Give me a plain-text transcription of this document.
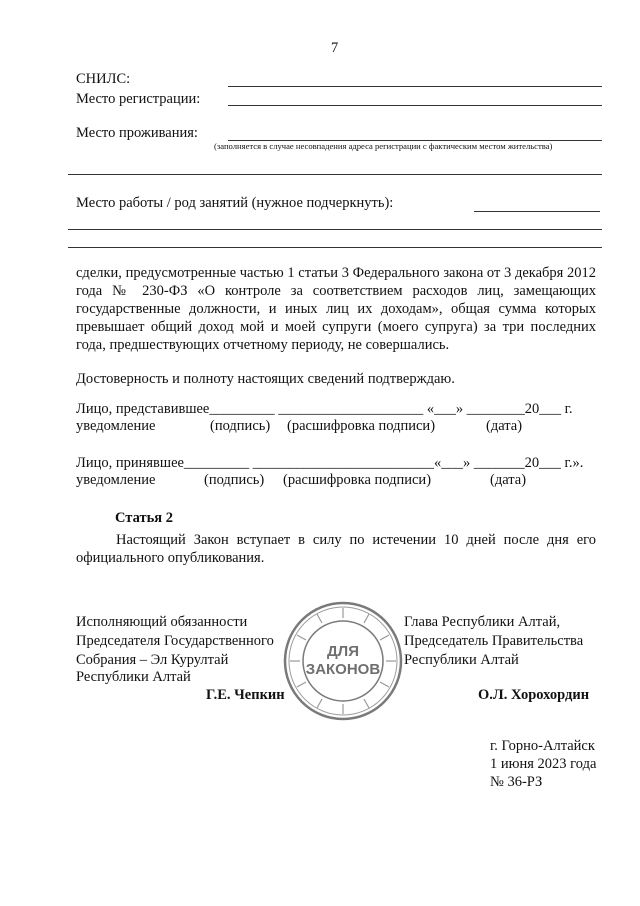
7
СНИЛС:
Место регистрации:
Место проживания:
(заполняется в случае несовпадения адреса регистрации с фактическим местом жительства)
Место работы / род занятий (нужное подчеркнуть):
сделки, предусмотренные частью 1 статьи 3 Федерального закона от 3 декабря 2012 года № 230-ФЗ «О контроле за соответствием расходов лиц, замещающих государственные должности, и иных лиц их доходам», общая сумма которых превышает общий доход мой и моей супруги (моего супруга) за три последних года, предшествующих отчетному периоду, не совершались.
Достоверность и полноту настоящих сведений подтверждаю.
Лицо, представившее_________ ____________________ «___» ________20___ г.
уведомление	(подпись) (расшифровка подписи)	(дата)
Лицо, принявшее_________ _________________________«___» _______20___ г.».
уведомление	(подпись) (расшифровка подписи)	(дата)
Статья 2
Настоящий Закон вступает в силу по истечении 10 дней после дня его официального опубликования.
Исполняющий обязанности
Председателя Государственного
Собрания – Эл Курултай
Республики Алтай
Г.Е. Чепкин
Глава Республики Алтай,
Председатель Правительства
Республики Алтай
О.Л. Хорохордин
ДЛЯ
ЗАКОНОВ
г. Горно-Алтайск
1 июня 2023 года
№ 36-РЗ
